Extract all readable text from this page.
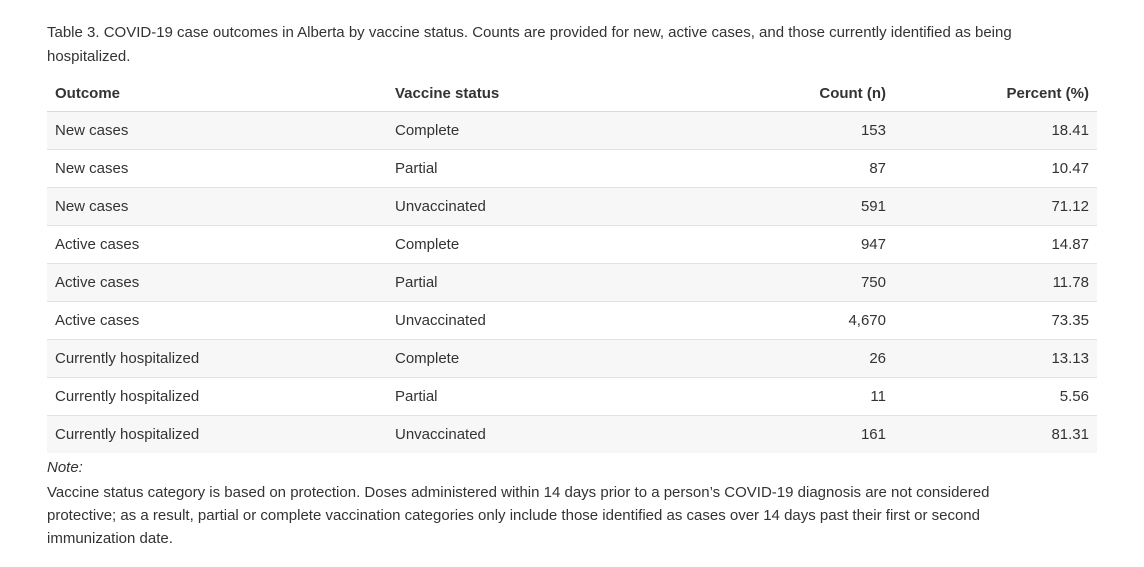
Table 3. COVID-19 case outcomes in Alberta by vaccine status. Counts are provided for new, active cases, and those currently identified as being hospitalized.

Outcome	Vaccine status	Count (n)	Percent (%)
New cases	Complete	153	18.41
New cases	Partial	87	10.47
New cases	Unvaccinated	591	71.12
Active cases	Complete	947	14.87
Active cases	Partial	750	11.78
Active cases	Unvaccinated	4,670	73.35
Currently hospitalized	Complete	26	13.13
Currently hospitalized	Partial	11	5.56
Currently hospitalized	Unvaccinated	161	81.31

Note:

Vaccine status category is based on protection. Doses administered within 14 days prior to a person’s COVID-19 diagnosis are not considered protective; as a result, partial or complete vaccination categories only include those identified as cases over 14 days past their first or second immunization date.
